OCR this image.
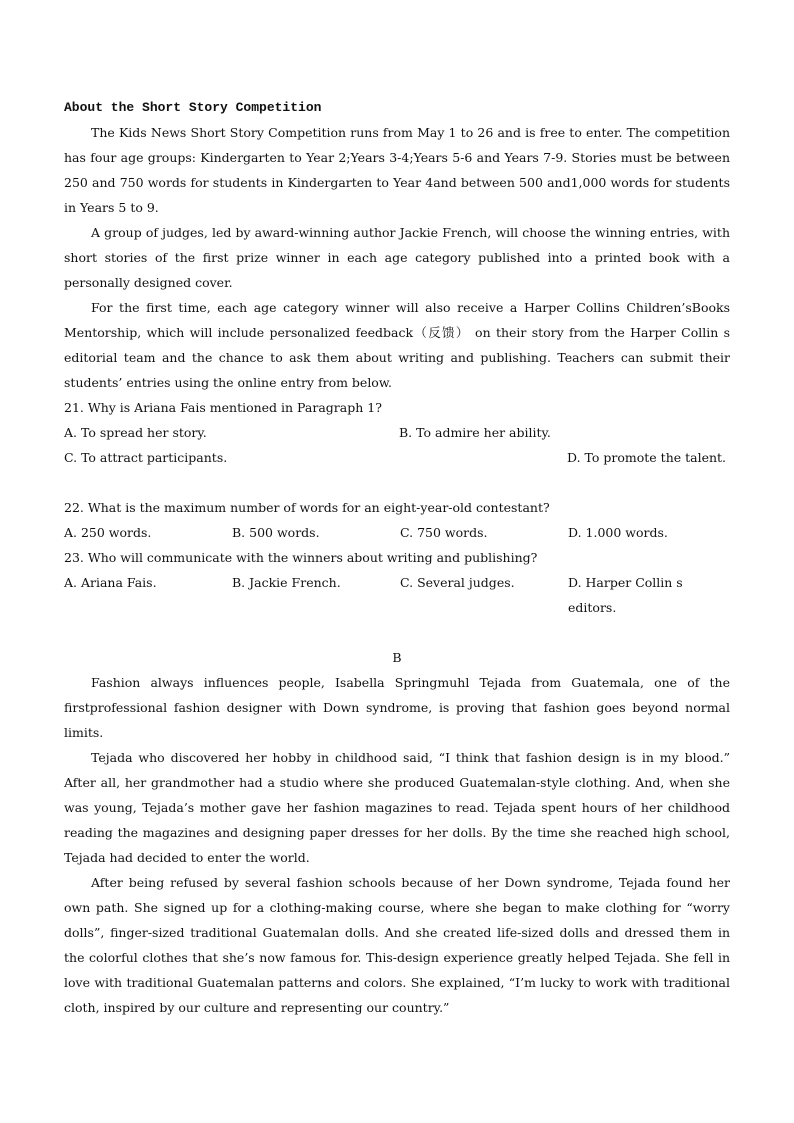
About the Short Story Competition

The Kids News Short Story Competition runs from May 1 to 26 and is free to enter. The competition has four age groups: Kindergarten to Year 2;Years 3-4;Years 5-6 and Years 7-9. Stories must be between 250 and 750 words for students in Kindergarten to Year 4and between 500 and1,000 words for students in Years 5 to 9.

A group of judges, led by award-winning author Jackie French, will choose the winning entries, with short stories of the first prize winner in each age category published into a printed book with a personally designed cover.

For the first time, each age category winner will also receive a Harper Collins Children’sBooks Mentorship, which will include personalized feedback（反馈） on their story from the Harper Collin s editorial team and the chance to ask them about writing and publishing. Teachers can submit their students’ entries using the online entry from below.

21. Why is Ariana Fais mentioned in Paragraph 1?

A. To spread her story.	B. To admire her ability.
C. To attract participants.	D. To promote the talent.

22. What is the maximum number of words for an eight-year-old contestant?

A. 250 words.	B. 500 words.	C. 750 words.	D. 1.000 words.

23. Who will communicate with the winners about writing and publishing?

A. Ariana Fais.	B. Jackie French.	C. Several judges.	D. Harper Collin s editors.

B

Fashion always influences people, Isabella Springmuhl Tejada from Guatemala, one of the firstprofessional fashion designer with Down syndrome, is proving that fashion goes beyond normal limits.

Tejada who discovered her hobby in childhood said, “I think that fashion design is in my blood.” After all, her grandmother had a studio where she produced Guatemalan-style clothing. And, when she was young, Tejada’s mother gave her fashion magazines to read. Tejada spent hours of her childhood reading the magazines and designing paper dresses for her dolls. By the time she reached high school, Tejada had decided to enter the world.

After being refused by several fashion schools because of her Down syndrome, Tejada found her own path. She signed up for a clothing-making course, where she began to make clothing for “worry dolls”, finger-sized traditional Guatemalan dolls. And she created life-sized dolls and dressed them in the colorful clothes that she’s now famous for. This-design experience greatly helped Tejada. She fell in love with traditional Guatemalan patterns and colors. She explained, “I’m lucky to work with traditional cloth, inspired by our culture and representing our country.”
